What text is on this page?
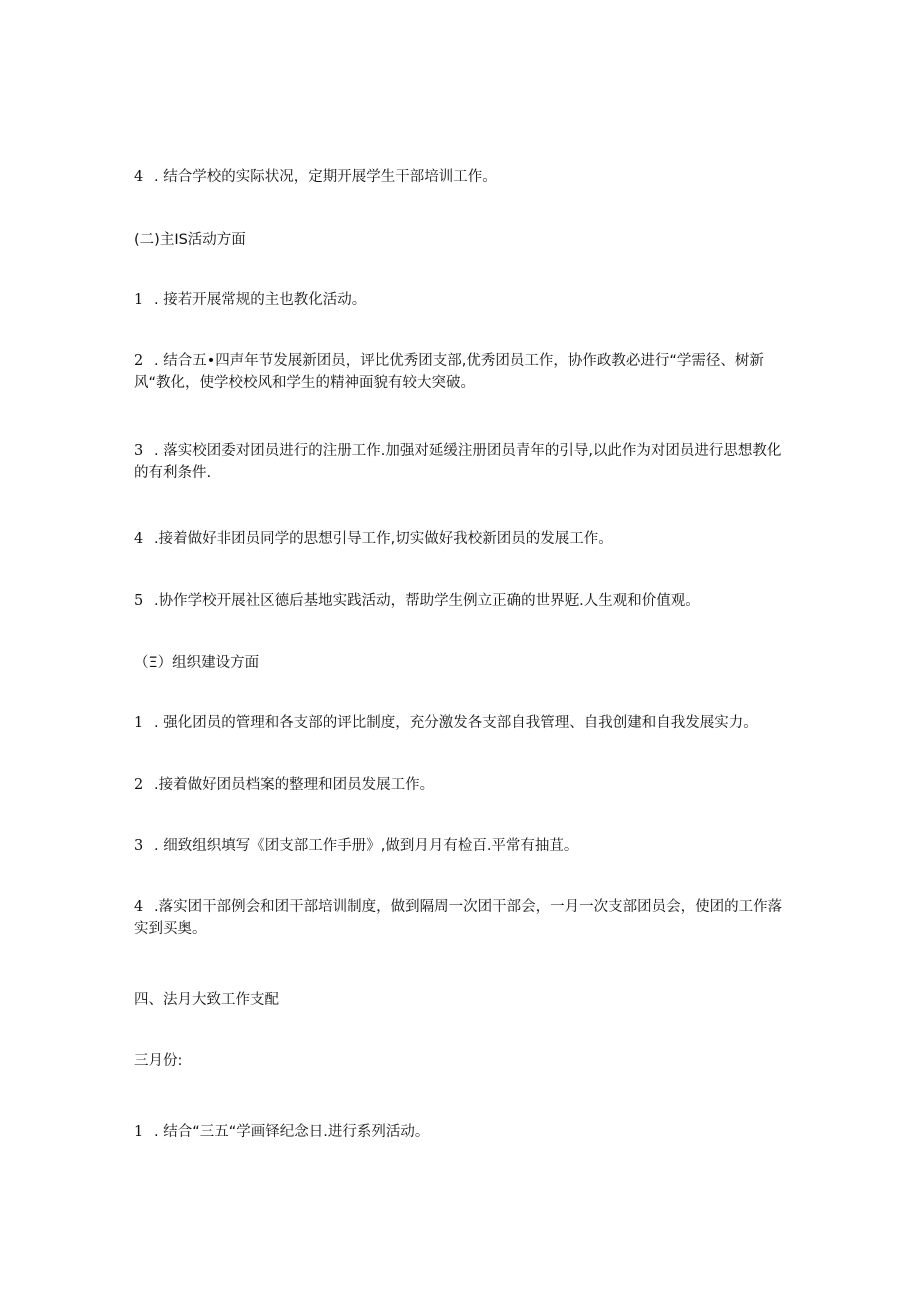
4 . 结合学校的实际状况，定期开展学生干部培训工作。
(二)主IS活动方面
1 . 接若开展常规的主也教化活动。
2 . 结合五•四声年节发展新团员，评比优秀团支部,优秀团员工作，协作政教必进行“学需径、树新风“教化，使学校校风和学生的精神面貌有较大突破。
3 . 落实校团委对团员进行的注册工作.加强对延缓注册团员青年的引导,以此作为对团员进行思想教化的有利条件.
4 .接着做好非团员同学的思想引导工作,切实做好我校新团员的发展工作。
5 .协作学校开展社区德后基地实践活动，帮助学生例立正确的世界觃.人生观和价值观。
（Ξ）组织建设方面
1 . 强化团员的管理和各支部的评比制度，充分激发各支部自我管理、自我创建和自我发展实力。
2 .接着做好团员档案的整理和团员发展工作。
3 . 细致组织填写《团支部工作手册》,做到月月有检百.平常有抽苴。
4 .落实团干部例会和团干部培训制度，做到隔周一次团干部会，一月一次支部团员会，使团的工作落实到买奥。
四、法月大致工作支配
三月份:
1 . 结合“三五“学画铎纪念日.进行系列活动。
